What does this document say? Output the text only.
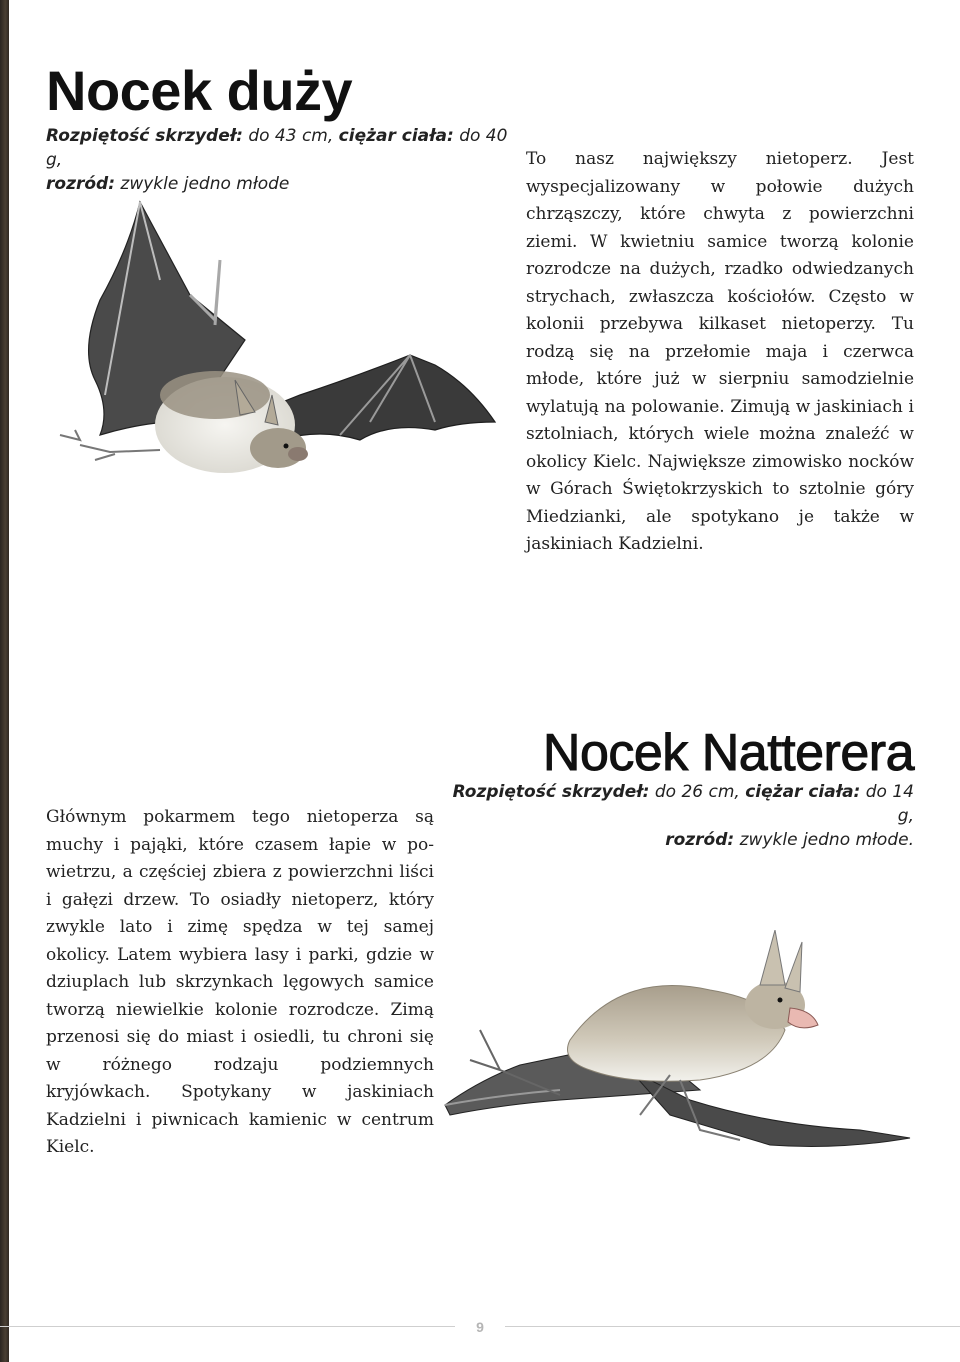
Nocek duży

Rozpiętość skrzydeł: do 43 cm, ciężar ciała: do 40 g,
rozród: zwykle jedno młode

To nasz największy nietoperz. Jest wyspecjalizowany w połowie dużych chrząszczy, które chwyta z powierzchni ziemi. W kwietniu samice tworzą kolonie rozrodcze na dużych, rzadko odwiedzanych strychach, zwłaszcza kościołów. Często w kolonii przebywa kilkaset nietoperzy. Tu rodzą się na przełomie maja i czerwca młode, które już w sierpniu samodzielnie wylatują na polowanie. Zimują w jaskiniach i sztolniach, których wiele można znaleźć w okolicy Kielc. Największe zimowisko nocków w Górach Świętokrzyskich to sztolnie góry Miedzianki, ale spotykano je także w jaskiniach Kadzielni.

Nocek Natterera

Rozpiętość skrzydeł: do 26 cm, ciężar ciała: do 14 g,
rozród: zwykle jedno młode.

Głównym pokarmem tego nietoperza są muchy i pająki, które czasem łapie w powietrzu, a częściej zbiera z powierzchni liści i gałęzi drzew. To osiadły nietoperz, który zwykle lato i zimę spędza w tej samej okolicy. Latem wybiera lasy i parki, gdzie w dziuplach lub skrzynkach lęgowych samice tworzą niewielkie kolonie rozrodcze. Zimą przenosi się do miast i osiedli, tu chroni się w różnego rodzaju podziemnych kryjówkach. Spotykany w jaskiniach Kadzielni i piwnicach kamienic w centrum Kielc.

9
